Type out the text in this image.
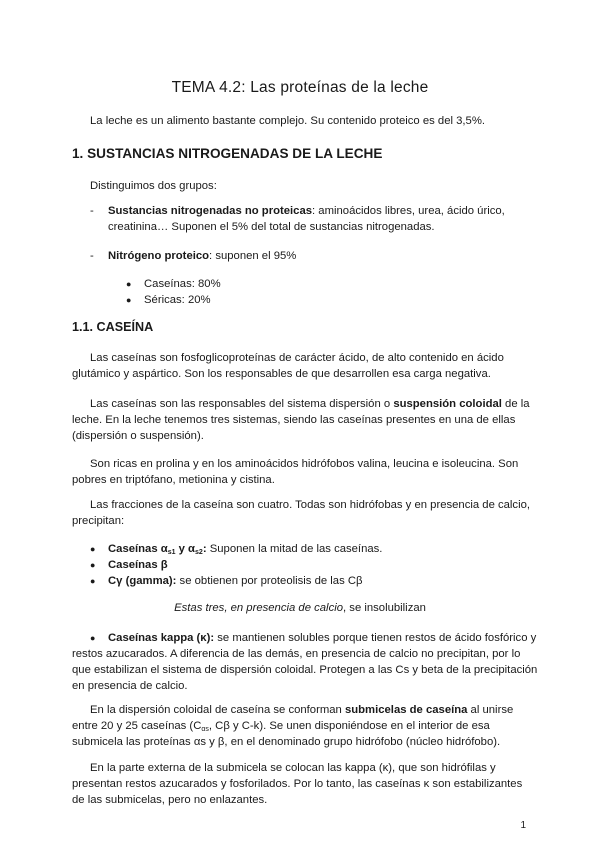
TEMA 4.2: Las proteínas de la leche
La leche es un alimento bastante complejo. Su contenido proteico es del 3,5%.
1. SUSTANCIAS NITROGENADAS DE LA LECHE
Distinguimos dos grupos:
- Sustancias nitrogenadas no proteicas: aminoácidos libres, urea, ácido úrico,
creatinina… Suponen el 5% del total de sustancias nitrogenadas.
- Nitrógeno proteico: suponen el 95%
● Caseínas: 80%
● Séricas: 20%
1.1. CASEÍNA
Las caseínas son fosfoglicoproteínas de carácter ácido, de alto contenido en ácido
glutámico y aspártico. Son los responsables de que desarrollen esa carga negativa.
Las caseínas son las responsables del sistema dispersión o suspensión coloidal de la
leche. En la leche tenemos tres sistemas, siendo las caseínas presentes en una de ellas
(dispersión o suspensión).
Son ricas en prolina y en los aminoácidos hidrófobos valina, leucina e isoleucina. Son
pobres en triptófano, metionina y cistina.
Las fracciones de la caseína son cuatro. Todas son hidrófobas y en presencia de calcio,
precipitan:
● Caseínas $\alpha_{s1}$ y $\alpha_{s2}$: Suponen la mitad de las caseínas.
● Caseínas β
● Cγ (gamma): se obtienen por proteolisis de las Cβ
Estas tres, en presencia de calcio, se insolubilizan
● Caseínas kappa (κ): se mantienen solubles porque tienen restos de ácido fosfórico y
restos azucarados. A diferencia de las demás, en presencia de calcio no precipitan, por lo
que estabilizan el sistema de dispersión coloidal. Protegen a las Cs y beta de la precipitación
en presencia de calcio.
En la dispersión coloidal de caseína se conforman submicelas de caseína al unirse
entre 20 y 25 caseínas ($C_{\alpha s}$, Cβ y C-k). Se unen disponiéndose en el interior de esa
submicela las proteínas αs y β, en el denominado grupo hidrófobo (núcleo hidrófobo).
En la parte externa de la submicela se colocan las kappa (κ), que son hidrófilas y
presentan restos azucarados y fosforilados. Por lo tanto, las caseínas κ son estabilizantes
de las submicelas, pero no enlazantes.
1
